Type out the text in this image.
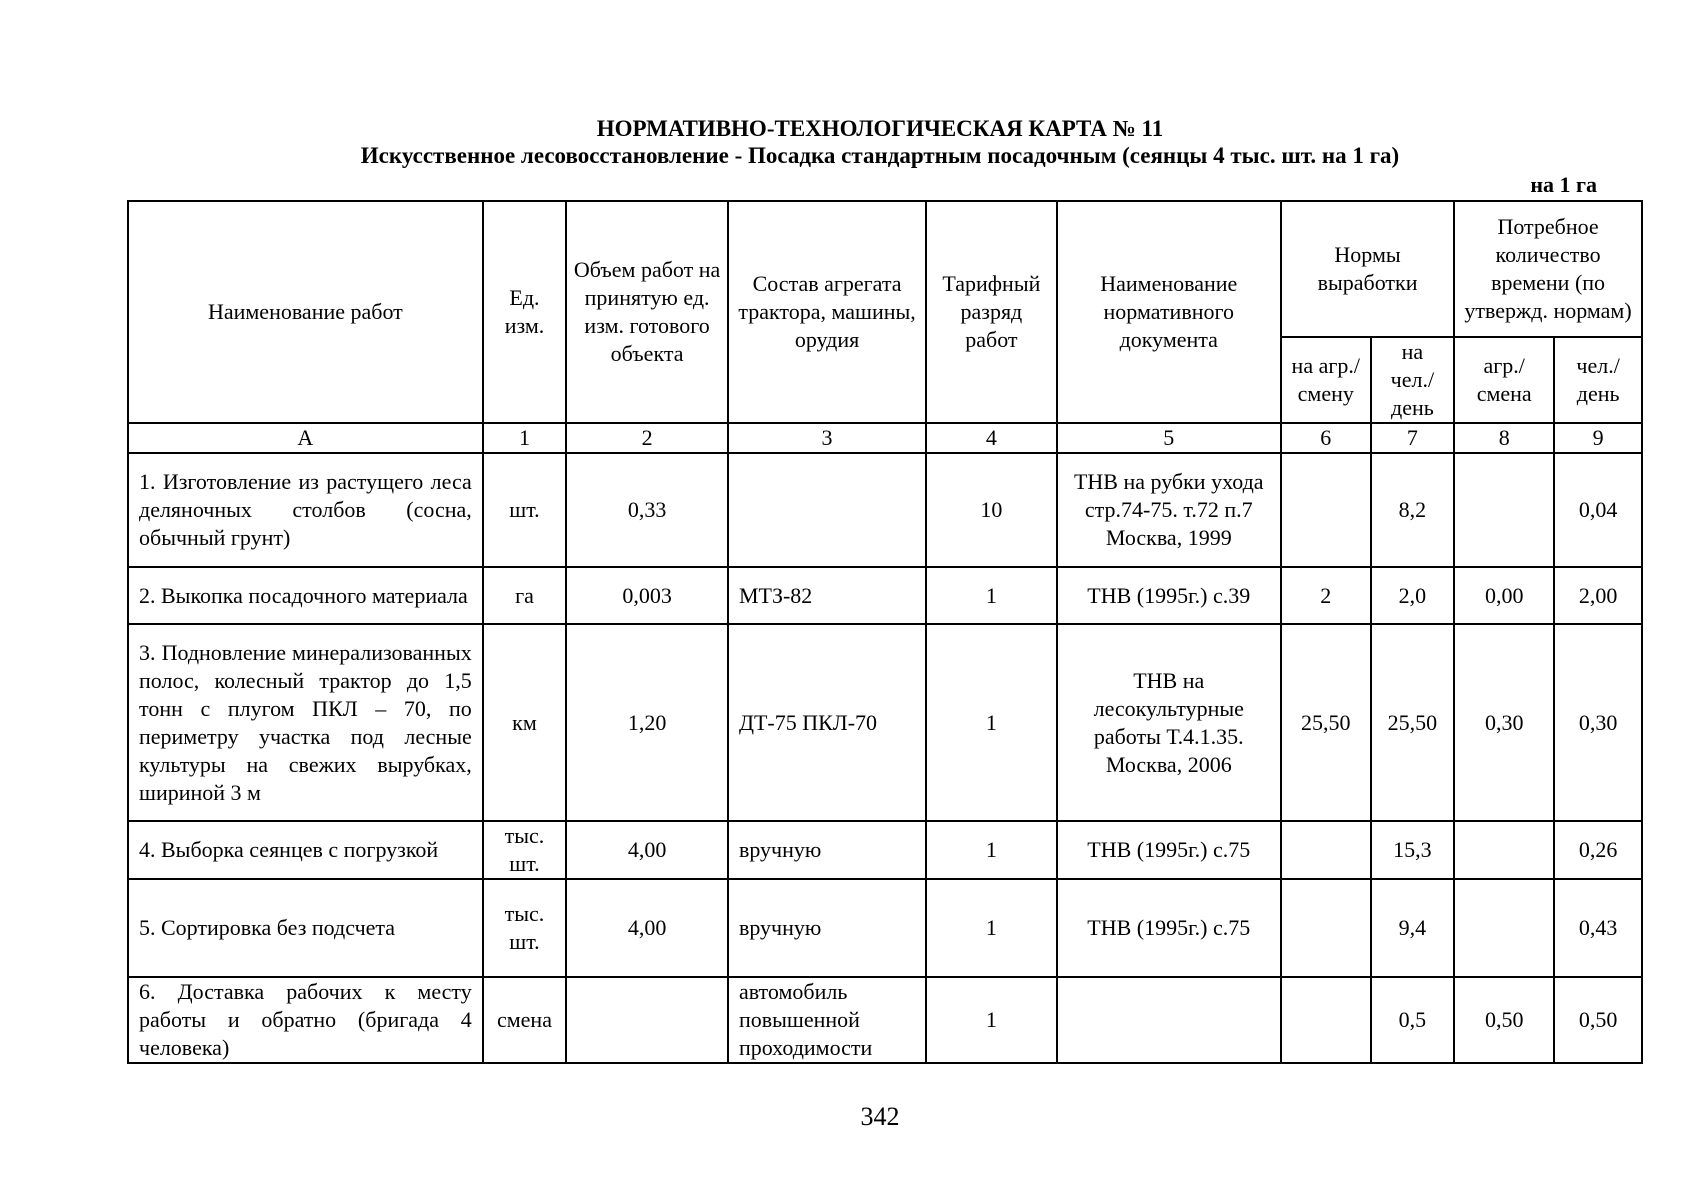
НОРМАТИВНО-ТЕХНОЛОГИЧЕСКАЯ КАРТА № 11
Искусственное лесовосстановление - Посадка стандартным посадочным (сеянцы 4 тыс. шт. на 1 га)
на 1 га
Наименование работ	Ед. изм.	Объем работ на принятую ед. изм. готового объекта	Состав агрегата трактора, машины, орудия	Тарифный разряд работ	Наименование нормативного документа	Нормы выработки		Потребное количество времени (по утвержд. нормам)	
						на агр./ смену	на чел./ день	агр./ смена	чел./ день
А	1	2	3	4	5	6	7	8	9
1. Изготовление из растущего леса деляночных столбов (сосна, обычный грунт)	шт.	0,33		10	ТНВ на рубки ухода стр.74-75. т.72 п.7 Москва, 1999		8,2		0,04
2. Выкопка посадочного материала	га	0,003	МТЗ-82	1	ТНВ (1995г.) с.39	2	2,0	0,00	2,00
3. Подновление минерализованных полос, колесный трактор до 1,5 тонн с плугом ПКЛ – 70, по периметру участка под лесные культуры на свежих вырубках, шириной 3 м	км	1,20	ДТ-75 ПКЛ-70	1	ТНВ на лесокультурные работы Т.4.1.35. Москва, 2006	25,50	25,50	0,30	0,30
4. Выборка сеянцев с погрузкой	тыс. шт.	4,00	вручную	1	ТНВ (1995г.) с.75		15,3		0,26
5. Сортировка без подсчета	тыс. шт.	4,00	вручную	1	ТНВ (1995г.) с.75		9,4		0,43
6. Доставка рабочих к месту работы и обратно (бригада 4 человека)	смена		автомобиль повышенной проходимости	1			0,5	0,50	0,50
342
